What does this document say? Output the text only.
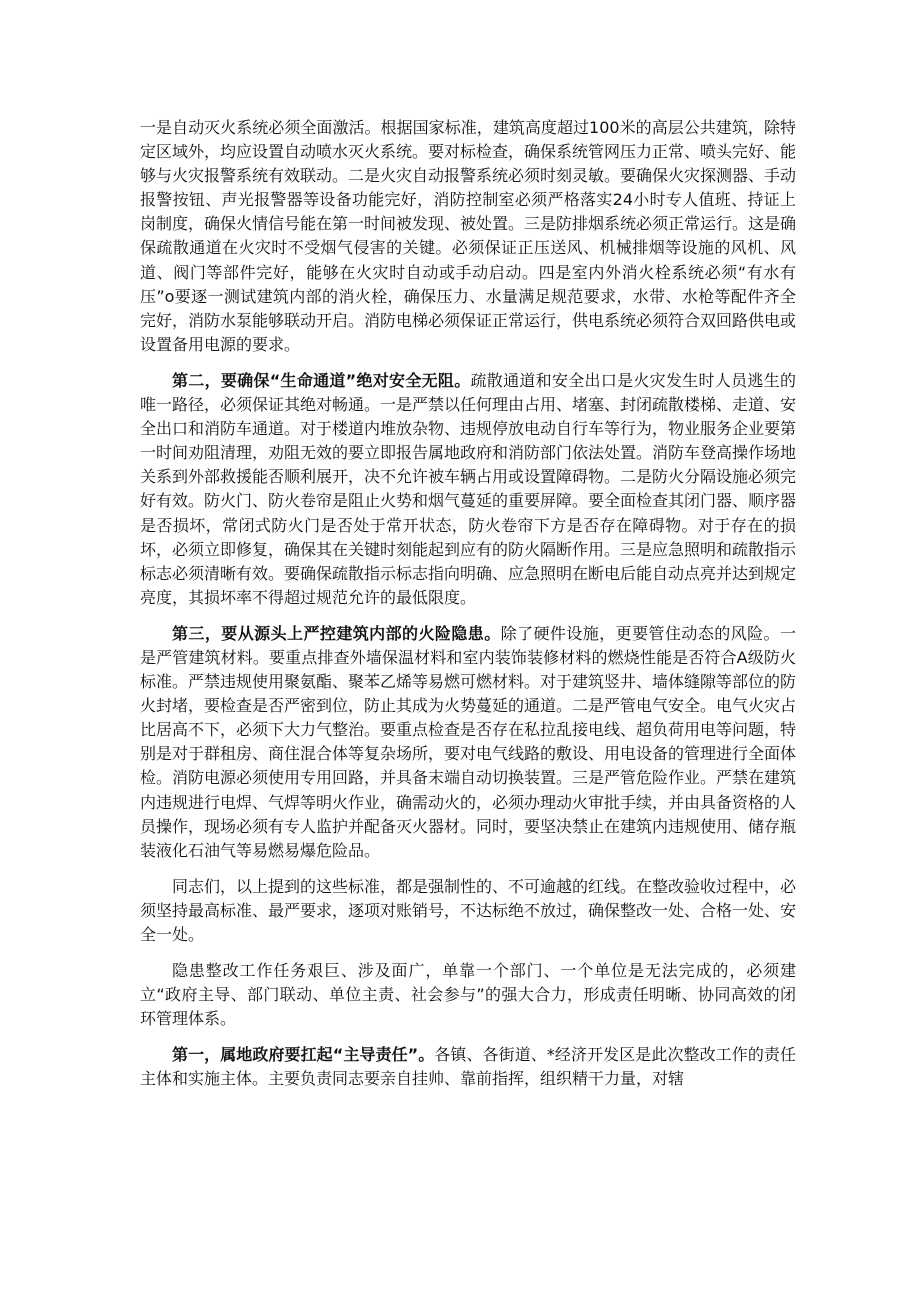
一是自动灭火系统必须全面激活。根据国家标准，建筑高度超过100米的高层公共建筑，除特定区域外，均应设置自动喷水灭火系统。要对标检查，确保系统管网压力正常、喷头完好、能够与火灾报警系统有效联动。二是火灾自动报警系统必须时刻灵敏。要确保火灾探测器、手动报警按钮、声光报警器等设备功能完好，消防控制室必须严格落实24小时专人值班、持证上岗制度，确保火情信号能在第一时间被发现、被处置。三是防排烟系统必须正常运行。这是确保疏散通道在火灾时不受烟气侵害的关键。必须保证正压送风、机械排烟等设施的风机、风道、阀门等部件完好，能够在火灾时自动或手动启动。四是室内外消火栓系统必须“有水有压”o要逐一测试建筑内部的消火栓，确保压力、水量满足规范要求，水带、水枪等配件齐全完好，消防水泵能够联动开启。消防电梯必须保证正常运行，供电系统必须符合双回路供电或设置备用电源的要求。

第二，要确保“生命通道”绝对安全无阻。疏散通道和安全出口是火灾发生时人员逃生的唯一路径，必须保证其绝对畅通。一是严禁以任何理由占用、堵塞、封闭疏散楼梯、走道、安全出口和消防车通道。对于楼道内堆放杂物、违规停放电动自行车等行为，物业服务企业要第一时间劝阻清理，劝阻无效的要立即报告属地政府和消防部门依法处置。消防车登高操作场地关系到外部救援能否顺利展开，决不允许被车辆占用或设置障碍物。二是防火分隔设施必须完好有效。防火门、防火卷帘是阻止火势和烟气蔓延的重要屏障。要全面检查其闭门器、顺序器是否损坏，常闭式防火门是否处于常开状态，防火卷帘下方是否存在障碍物。对于存在的损坏，必须立即修复，确保其在关键时刻能起到应有的防火隔断作用。三是应急照明和疏散指示标志必须清晰有效。要确保疏散指示标志指向明确、应急照明在断电后能自动点亮并达到规定亮度，其损坏率不得超过规范允许的最低限度。

第三，要从源头上严控建筑内部的火险隐患。除了硬件设施，更要管住动态的风险。一是严管建筑材料。要重点排查外墙保温材料和室内装饰装修材料的燃烧性能是否符合A级防火标准。严禁违规使用聚氨酯、聚苯乙烯等易燃可燃材料。对于建筑竖井、墙体缝隙等部位的防火封堵，要检查是否严密到位，防止其成为火势蔓延的通道。二是严管电气安全。电气火灾占比居高不下，必须下大力气整治。要重点检查是否存在私拉乱接电线、超负荷用电等问题，特别是对于群租房、商住混合体等复杂场所，要对电气线路的敷设、用电设备的管理进行全面体检。消防电源必须使用专用回路，并具备末端自动切换装置。三是严管危险作业。严禁在建筑内违规进行电焊、气焊等明火作业，确需动火的，必须办理动火审批手续，并由具备资格的人员操作，现场必须有专人监护并配备灭火器材。同时，要坚决禁止在建筑内违规使用、储存瓶装液化石油气等易燃易爆危险品。

同志们，以上提到的这些标准，都是强制性的、不可逾越的红线。在整改验收过程中，必须坚持最高标准、最严要求，逐项对账销号，不达标绝不放过，确保整改一处、合格一处、安全一处。

隐患整改工作任务艰巨、涉及面广，单靠一个部门、一个单位是无法完成的，必须建立“政府主导、部门联动、单位主责、社会参与”的强大合力，形成责任明晰、协同高效的闭环管理体系。

第一，属地政府要扛起“主导责任”。各镇、各街道、*经济开发区是此次整改工作的责任主体和实施主体。主要负责同志要亲自挂帅、靠前指挥，组织精干力量，对辖
